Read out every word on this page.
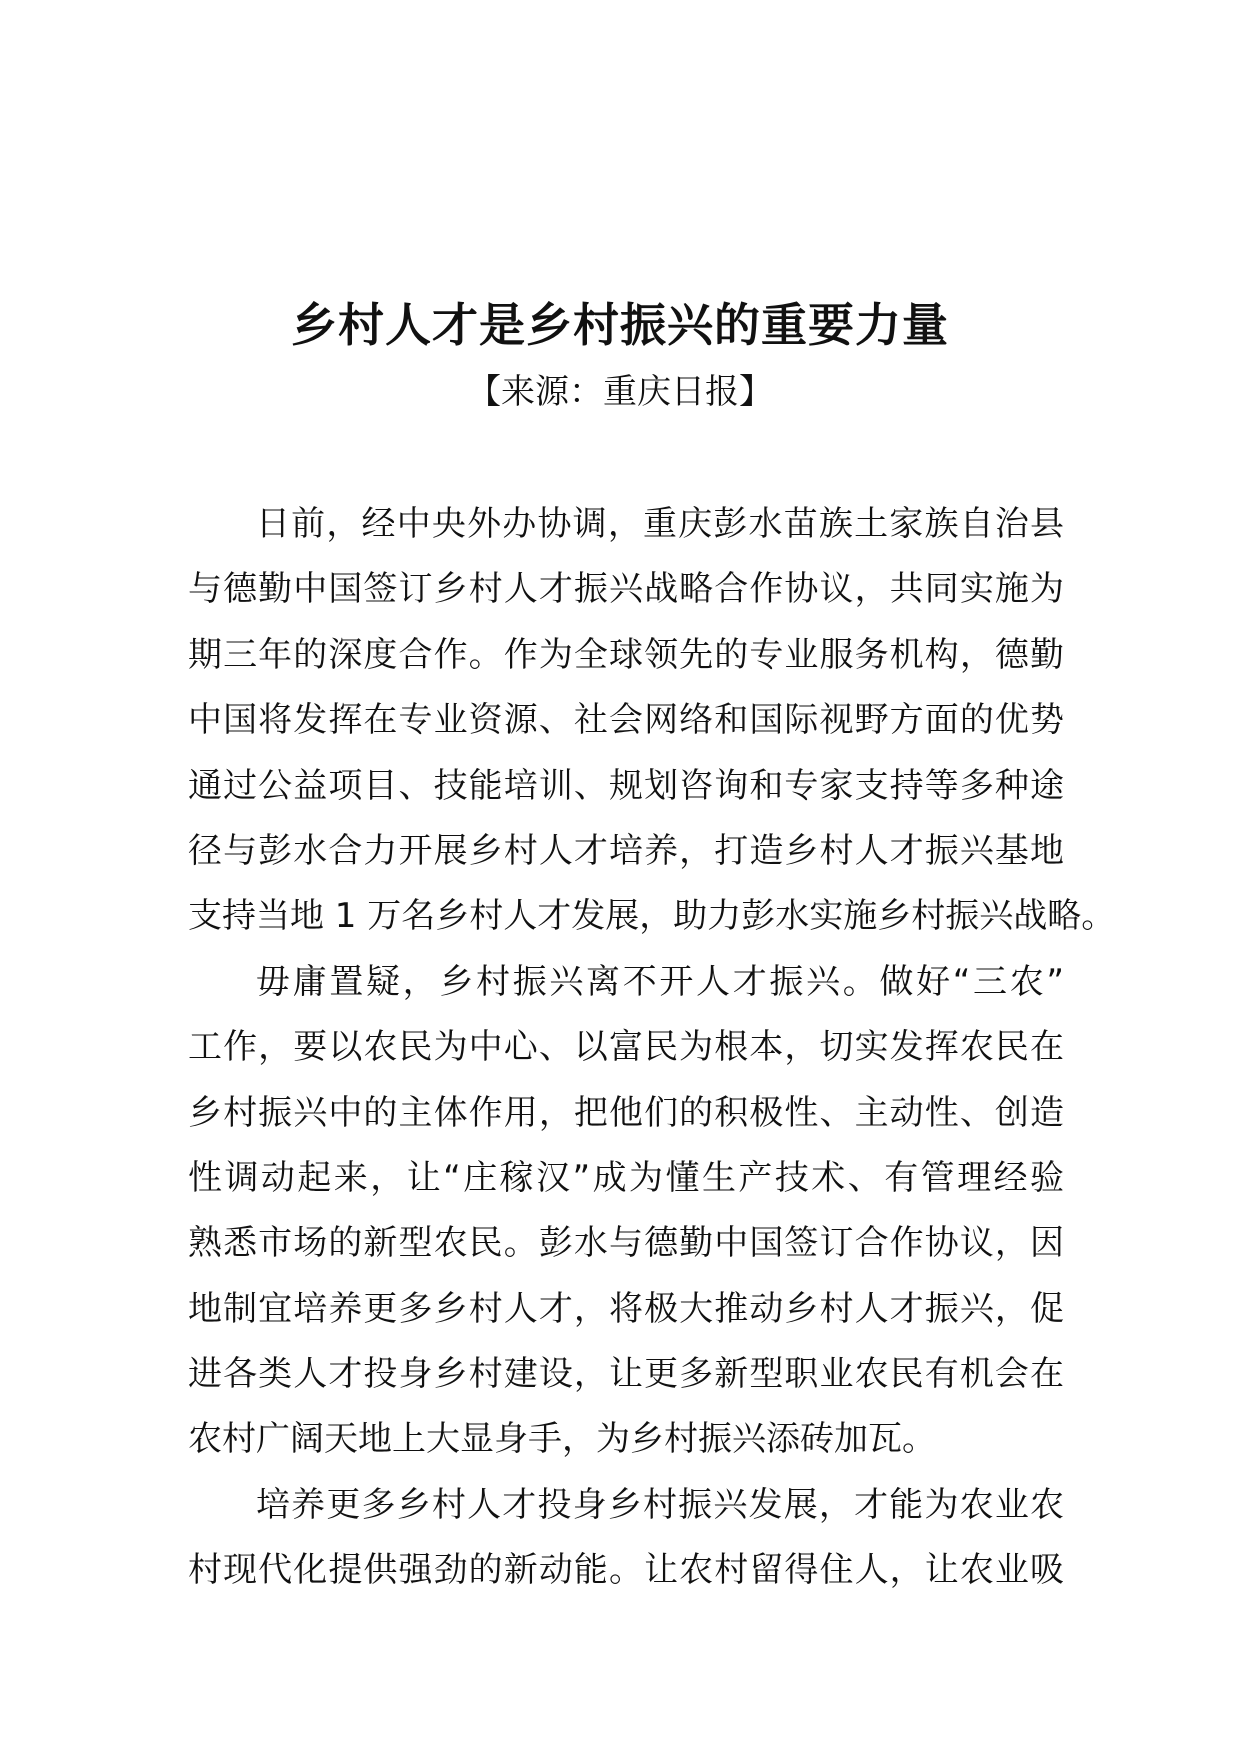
乡村人才是乡村振兴的重要力量
【来源：重庆日报】
日前，经中央外办协调，重庆彭水苗族土家族自治县
与德勤中国签订乡村人才振兴战略合作协议，共同实施为
期三年的深度合作。作为全球领先的专业服务机构，德勤
中国将发挥在专业资源、社会网络和国际视野方面的优势
通过公益项目、技能培训、规划咨询和专家支持等多种途
径与彭水合力开展乡村人才培养，打造乡村人才振兴基地
支持当地 1 万名乡村人才发展，助力彭水实施乡村振兴战略。
毋庸置疑，乡村振兴离不开人才振兴。做好“三农”
工作，要以农民为中心、以富民为根本，切实发挥农民在
乡村振兴中的主体作用，把他们的积极性、主动性、创造
性调动起来，让“庄稼汉”成为懂生产技术、有管理经验
熟悉市场的新型农民。彭水与德勤中国签订合作协议，因
地制宜培养更多乡村人才，将极大推动乡村人才振兴，促
进各类人才投身乡村建设，让更多新型职业农民有机会在
农村广阔天地上大显身手，为乡村振兴添砖加瓦。
培养更多乡村人才投身乡村振兴发展，才能为农业农
村现代化提供强劲的新动能。让农村留得住人，让农业吸
